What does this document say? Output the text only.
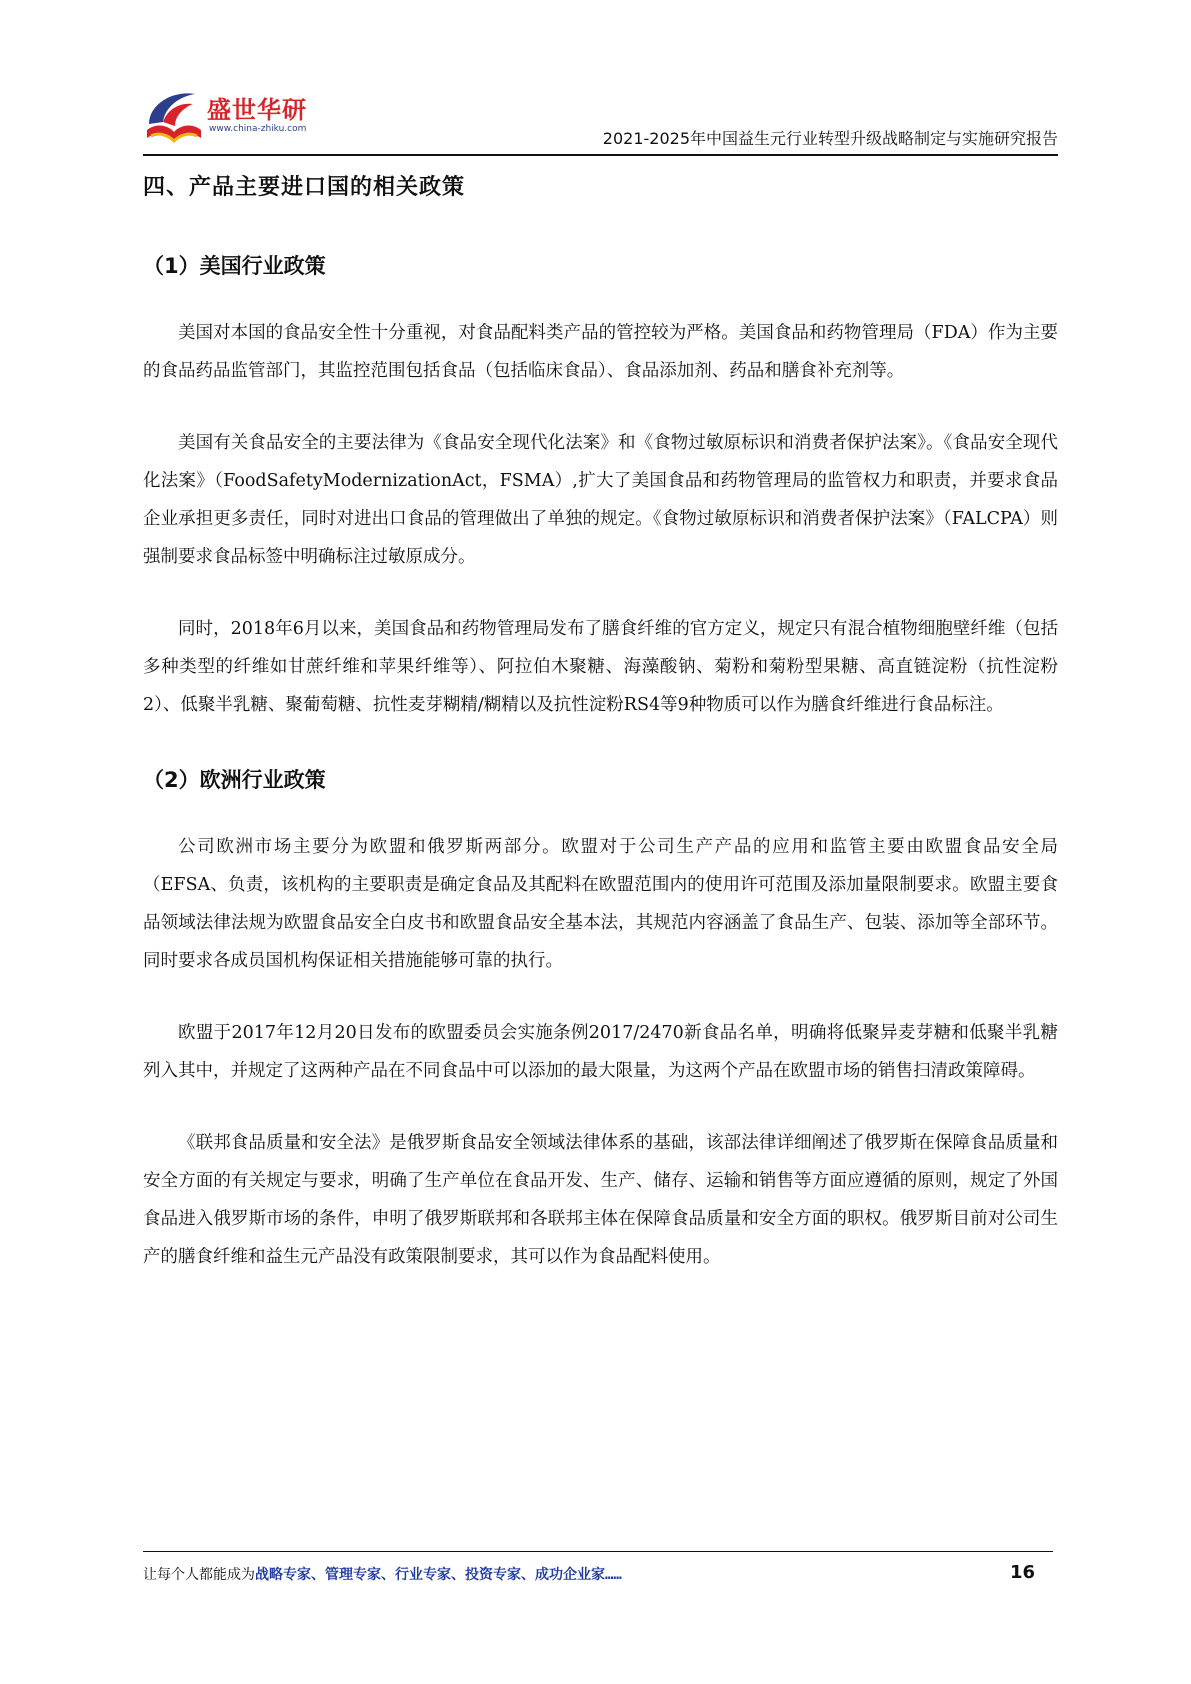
盛世华研
www.china-zhiku.com	2021-2025年中国益生元行业转型升级战略制定与实施研究报告
四、产品主要进口国的相关政策
（1）美国行业政策

美国对本国的食品安全性十分重视，对食品配料类产品的管控较为严格。美国食品和药物管理局（FDA）作为主要的食品药品监管部门，其监控范围包括食品（包括临床食品）、食品添加剂、药品和膳食补充剂等。

美国有关食品安全的主要法律为《食品安全现代化法案》和《食物过敏原标识和消费者保护法案》。《食品安全现代化法案》（FoodSafetyModernizationAct，FSMA）,扩大了美国食品和药物管理局的监管权力和职责，并要求食品企业承担更多责任，同时对进出口食品的管理做出了单独的规定。《食物过敏原标识和消费者保护法案》（FALCPA）则强制要求食品标签中明确标注过敏原成分。

同时，2018年6月以来，美国食品和药物管理局发布了膳食纤维的官方定义，规定只有混合植物细胞壁纤维（包括多种类型的纤维如甘蔗纤维和苹果纤维等）、阿拉伯木聚糖、海藻酸钠、菊粉和菊粉型果糖、高直链淀粉（抗性淀粉2）、低聚半乳糖、聚葡萄糖、抗性麦芽糊精/糊精以及抗性淀粉RS4等9种物质可以作为膳食纤维进行食品标注。

（2）欧洲行业政策

公司欧洲市场主要分为欧盟和俄罗斯两部分。欧盟对于公司生产产品的应用和监管主要由欧盟食品安全局（EFSA、负责，该机构的主要职责是确定食品及其配料在欧盟范围内的使用许可范围及添加量限制要求。欧盟主要食品领域法律法规为欧盟食品安全白皮书和欧盟食品安全基本法，其规范内容涵盖了食品生产、包装、添加等全部环节。同时要求各成员国机构保证相关措施能够可靠的执行。

欧盟于2017年12月20日发布的欧盟委员会实施条例2017/2470新食品名单，明确将低聚异麦芽糖和低聚半乳糖列入其中，并规定了这两种产品在不同食品中可以添加的最大限量，为这两个产品在欧盟市场的销售扫清政策障碍。

《联邦食品质量和安全法》是俄罗斯食品安全领域法律体系的基础，该部法律详细阐述了俄罗斯在保障食品质量和安全方面的有关规定与要求，明确了生产单位在食品开发、生产、储存、运输和销售等方面应遵循的原则，规定了外国食品进入俄罗斯市场的条件，申明了俄罗斯联邦和各联邦主体在保障食品质量和安全方面的职权。俄罗斯目前对公司生产的膳食纤维和益生元产品没有政策限制要求，其可以作为食品配料使用。

让每个人都能成为战略专家、管理专家、行业专家、投资专家、成功企业家……	16
